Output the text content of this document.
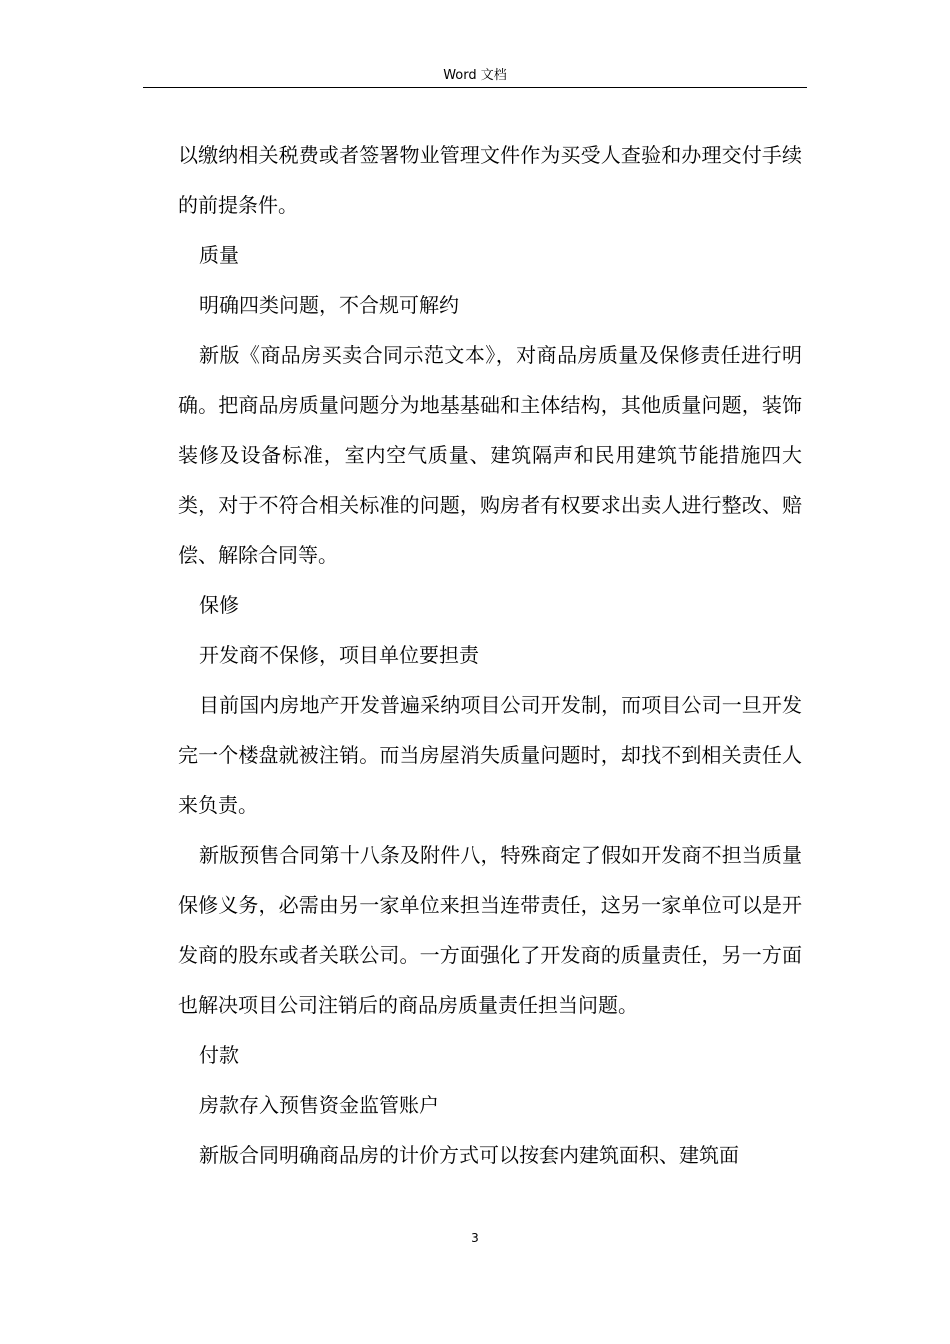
Word 文档

以缴纳相关税费或者签署物业管理文件作为买受人查验和办理交付手续的前提条件。

质量

明确四类问题，不合规可解约

新版《商品房买卖合同示范文本》，对商品房质量及保修责任进行明确。把商品房质量问题分为地基基础和主体结构，其他质量问题，装饰装修及设备标准，室内空气质量、建筑隔声和民用建筑节能措施四大类，对于不符合相关标准的问题，购房者有权要求出卖人进行整改、赔偿、解除合同等。

保修

开发商不保修，项目单位要担责

目前国内房地产开发普遍采纳项目公司开发制，而项目公司一旦开发完一个楼盘就被注销。而当房屋消失质量问题时，却找不到相关责任人来负责。

新版预售合同第十八条及附件八，特殊商定了假如开发商不担当质量保修义务，必需由另一家单位来担当连带责任，这另一家单位可以是开发商的股东或者关联公司。一方面强化了开发商的质量责任，另一方面也解决项目公司注销后的商品房质量责任担当问题。

付款

房款存入预售资金监管账户

新版合同明确商品房的计价方式可以按套内建筑面积、建筑面

3
